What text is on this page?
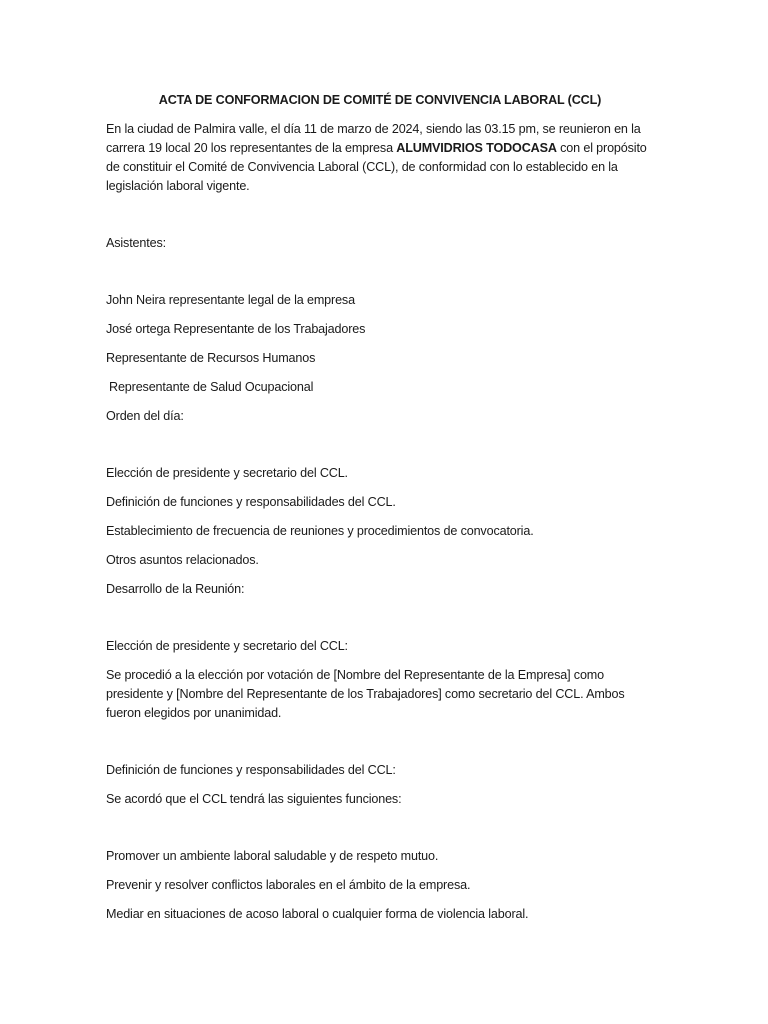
ACTA DE CONFORMACION DE COMITÉ DE CONVIVENCIA LABORAL (CCL)

En la ciudad de Palmira valle, el día 11 de marzo de 2024, siendo las 03.15 pm, se reunieron en la carrera 19 local 20 los representantes de la empresa ALUMVIDRIOS TODOCASA con el propósito de constituir el Comité de Convivencia Laboral (CCL), de conformidad con lo establecido en la legislación laboral vigente.

Asistentes:

John Neira representante legal de la empresa

José ortega Representante de los Trabajadores

Representante de Recursos Humanos

Representante de Salud Ocupacional

Orden del día:

Elección de presidente y secretario del CCL.

Definición de funciones y responsabilidades del CCL.

Establecimiento de frecuencia de reuniones y procedimientos de convocatoria.

Otros asuntos relacionados.

Desarrollo de la Reunión:

Elección de presidente y secretario del CCL:

Se procedió a la elección por votación de [Nombre del Representante de la Empresa] como presidente y [Nombre del Representante de los Trabajadores] como secretario del CCL. Ambos fueron elegidos por unanimidad.

Definición de funciones y responsabilidades del CCL:

Se acordó que el CCL tendrá las siguientes funciones:

Promover un ambiente laboral saludable y de respeto mutuo.

Prevenir y resolver conflictos laborales en el ámbito de la empresa.

Mediar en situaciones de acoso laboral o cualquier forma de violencia laboral.
